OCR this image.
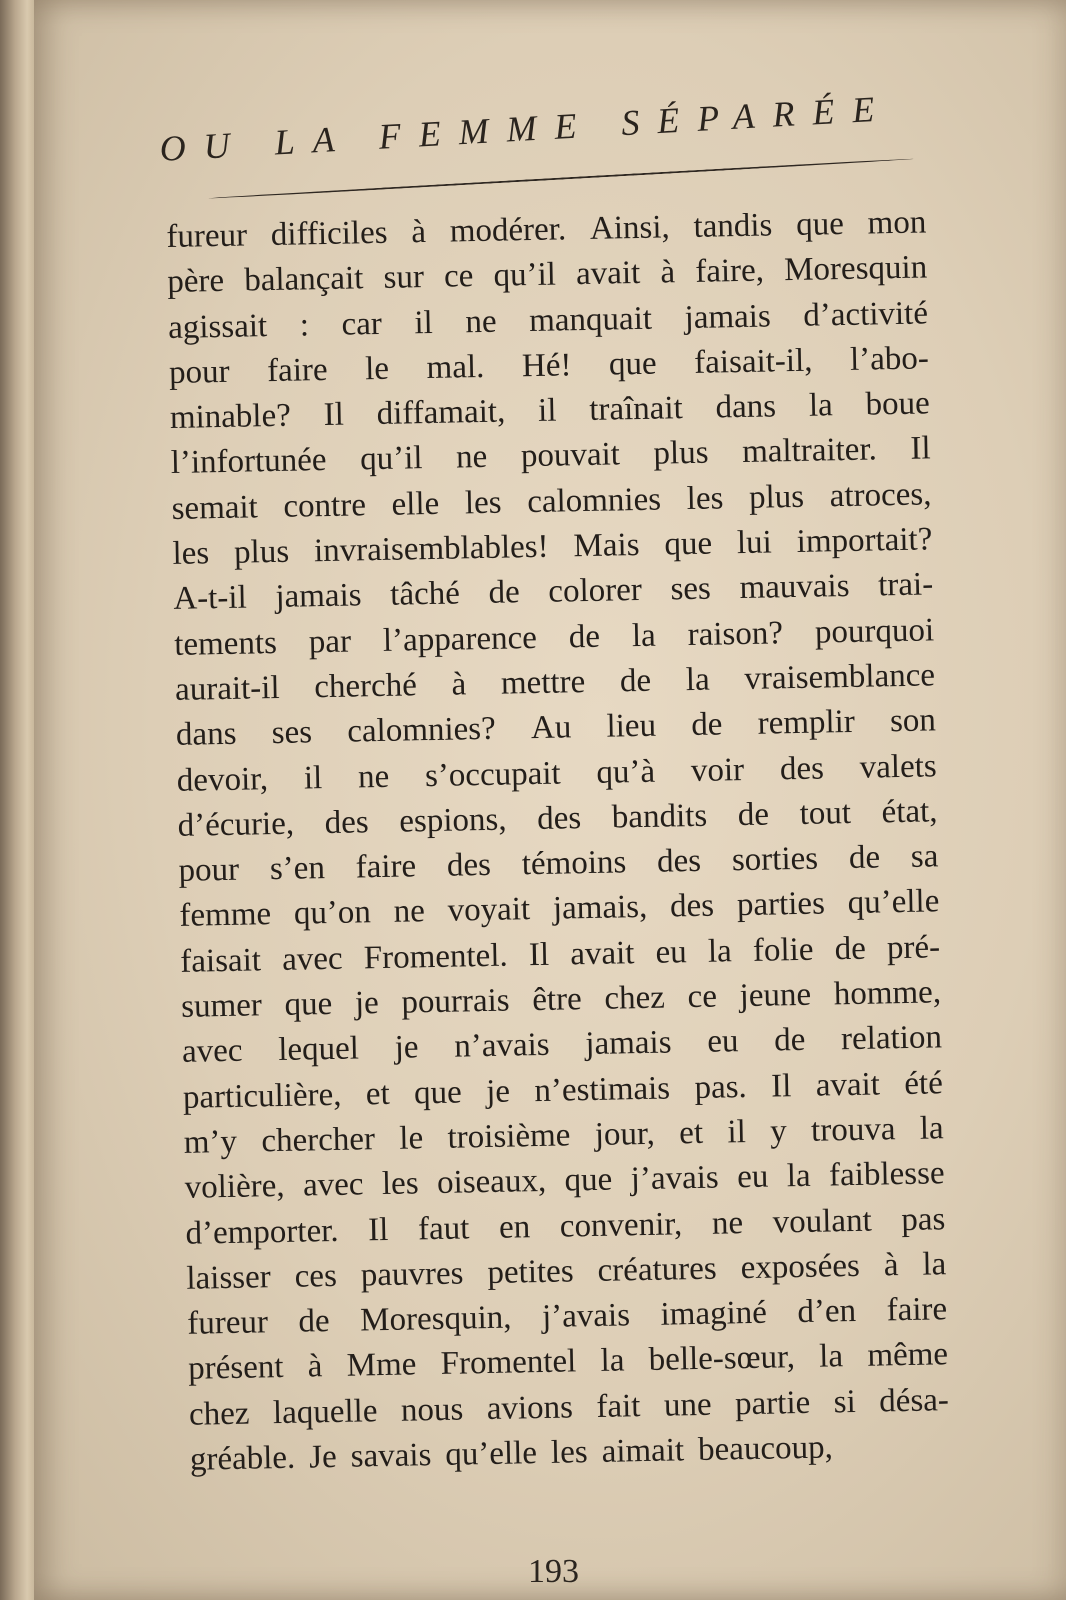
OU LA FEMME SÉPARÉE
fureur difficiles à modérer. Ainsi, tandis que mon
père balançait sur ce qu’il avait à faire, Moresquin
agissait : car il ne manquait jamais d’activité
pour faire le mal. Hé! que faisait-il, l’abo-
minable? Il diffamait, il traînait dans la boue
l’infortunée qu’il ne pouvait plus maltraiter. Il
semait contre elle les calomnies les plus atroces,
les plus invraisemblables! Mais que lui importait?
A-t-il jamais tâché de colorer ses mauvais trai-
tements par l’apparence de la raison? pourquoi
aurait-il cherché à mettre de la vraisemblance
dans ses calomnies? Au lieu de remplir son
devoir, il ne s’occupait qu’à voir des valets
d’écurie, des espions, des bandits de tout état,
pour s’en faire des témoins des sorties de sa
femme qu’on ne voyait jamais, des parties qu’elle
faisait avec Fromentel. Il avait eu la folie de pré-
sumer que je pourrais être chez ce jeune homme,
avec lequel je n’avais jamais eu de relation
particulière, et que je n’estimais pas. Il avait été
m’y chercher le troisième jour, et il y trouva la
volière, avec les oiseaux, que j’avais eu la faiblesse
d’emporter. Il faut en convenir, ne voulant pas
laisser ces pauvres petites créatures exposées à la
fureur de Moresquin, j’avais imaginé d’en faire
présent à Mme Fromentel la belle-sœur, la même
chez laquelle nous avions fait une partie si désa-
gréable. Je savais qu’elle les aimait beaucoup,
193
